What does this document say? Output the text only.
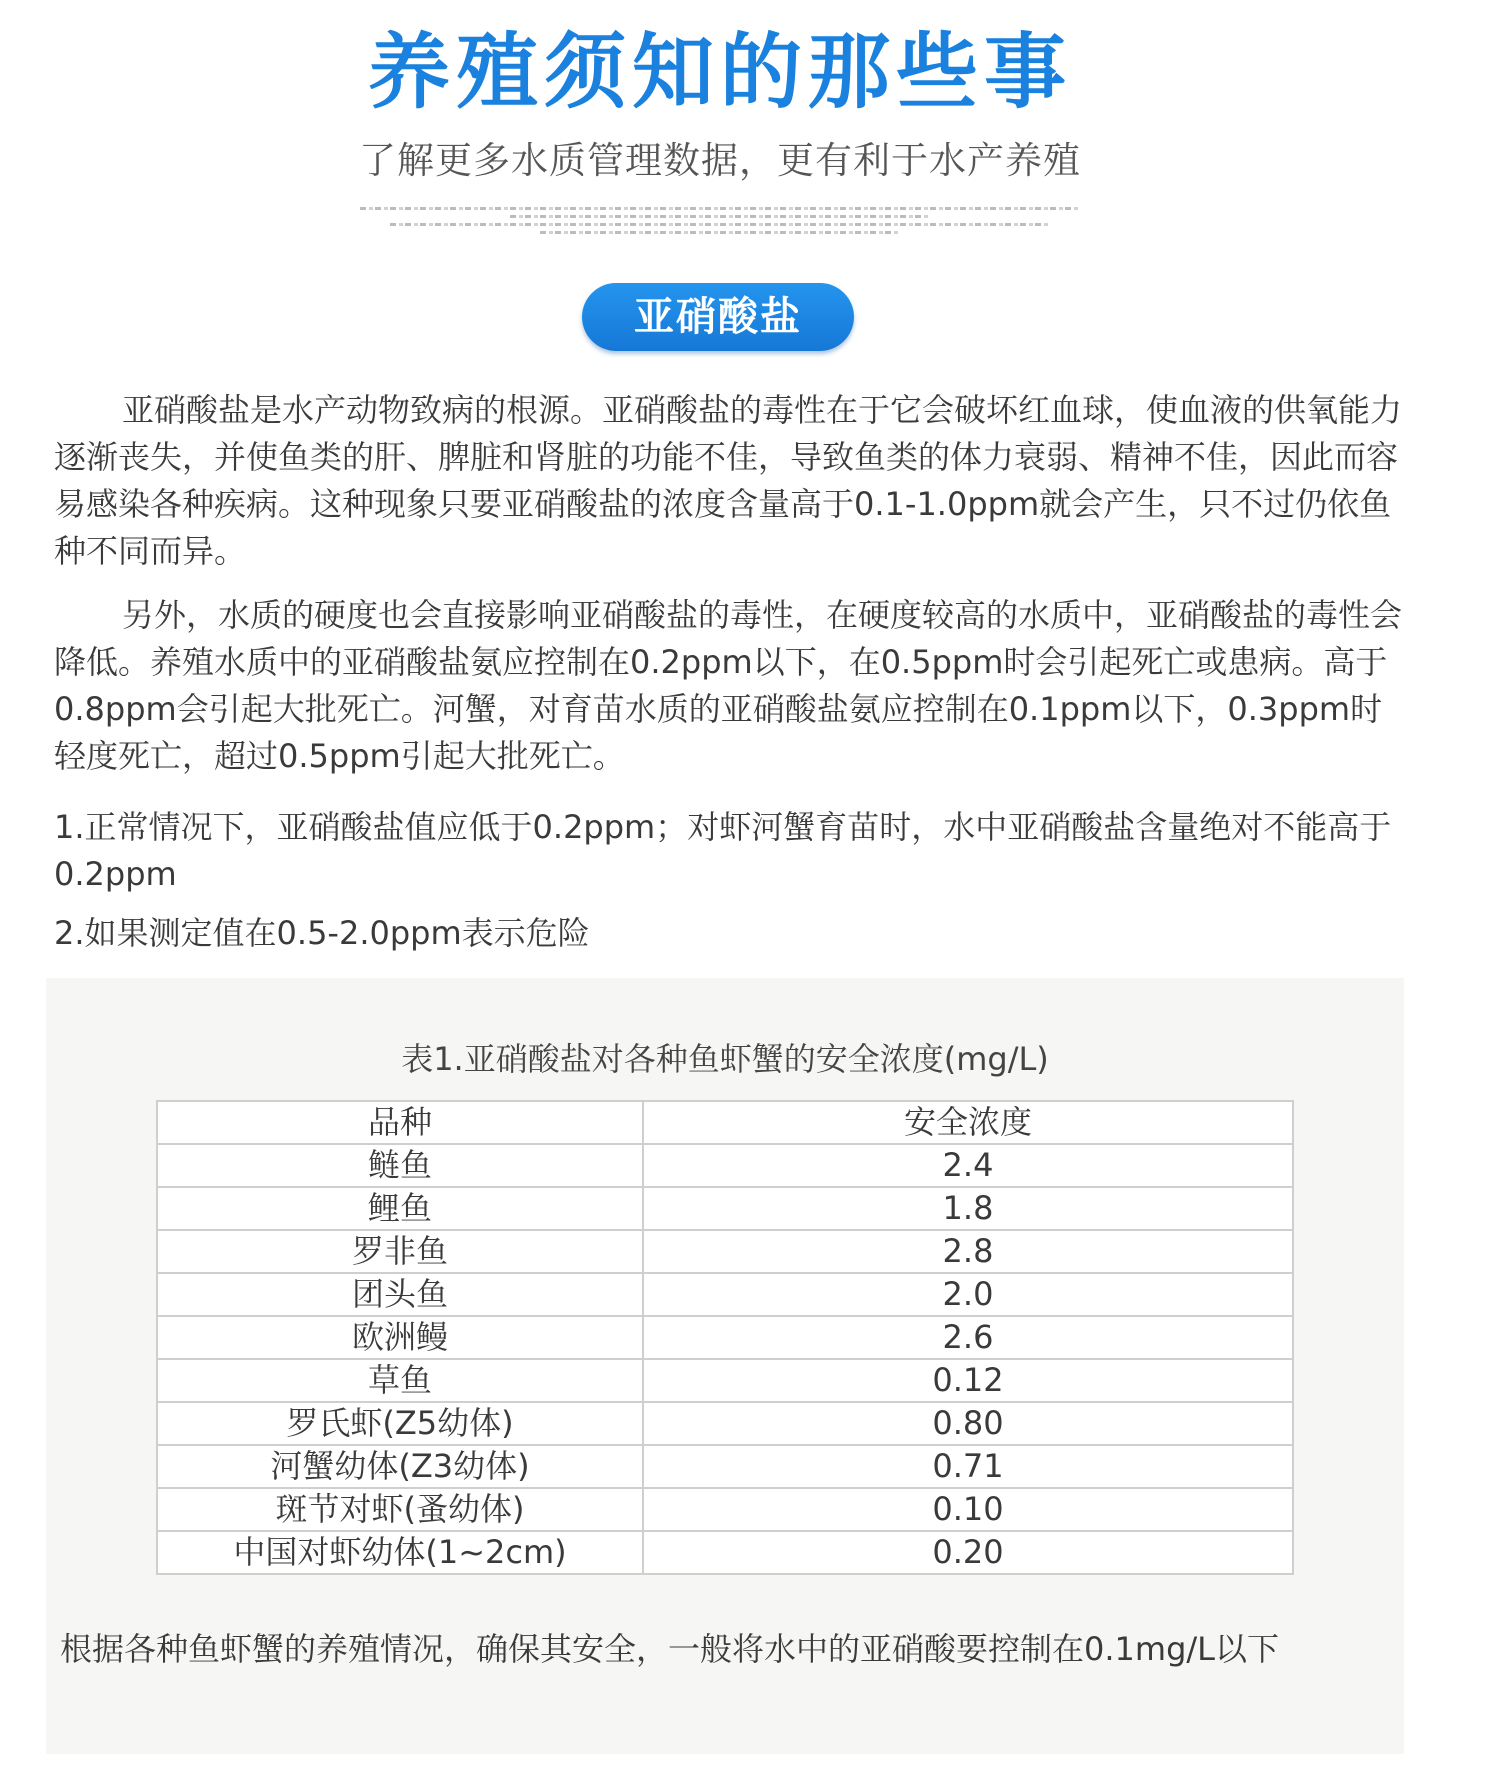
养殖须知的那些事
了解更多水质管理数据，更有利于水产养殖
亚硝酸盐

亚硝酸盐是水产动物致病的根源。亚硝酸盐的毒性在于它会破坏红血球，使血液的供氧能力逐渐丧失，并使鱼类的肝、脾脏和肾脏的功能不佳，导致鱼类的体力衰弱、精神不佳，因此而容易感染各种疾病。这种现象只要亚硝酸盐的浓度含量高于0.1-1.0ppm就会产生，只不过仍依鱼种不同而异。

另外，水质的硬度也会直接影响亚硝酸盐的毒性，在硬度较高的水质中，亚硝酸盐的毒性会降低。养殖水质中的亚硝酸盐氨应控制在0.2ppm以下，在0.5ppm时会引起死亡或患病。高于0.8ppm会引起大批死亡。河蟹，对育苗水质的亚硝酸盐氨应控制在0.1ppm以下，0.3ppm时轻度死亡，超过0.5ppm引起大批死亡。

1.正常情况下，亚硝酸盐值应低于0.2ppm；对虾河蟹育苗时，水中亚硝酸盐含量绝对不能高于0.2ppm

2.如果测定值在0.5-2.0ppm表示危险

表1.亚硝酸盐对各种鱼虾蟹的安全浓度(mg/L)
品种	安全浓度
鲢鱼	2.4
鲤鱼	1.8
罗非鱼	2.8
团头鱼	2.0
欧洲鳗	2.6
草鱼	0.12
罗氏虾(Z5幼体)	0.80
河蟹幼体(Z3幼体)	0.71
斑节对虾(蚤幼体)	0.10
中国对虾幼体(1~2cm)	0.20
根据各种鱼虾蟹的养殖情况，确保其安全，一般将水中的亚硝酸要控制在0.1mg/L以下
